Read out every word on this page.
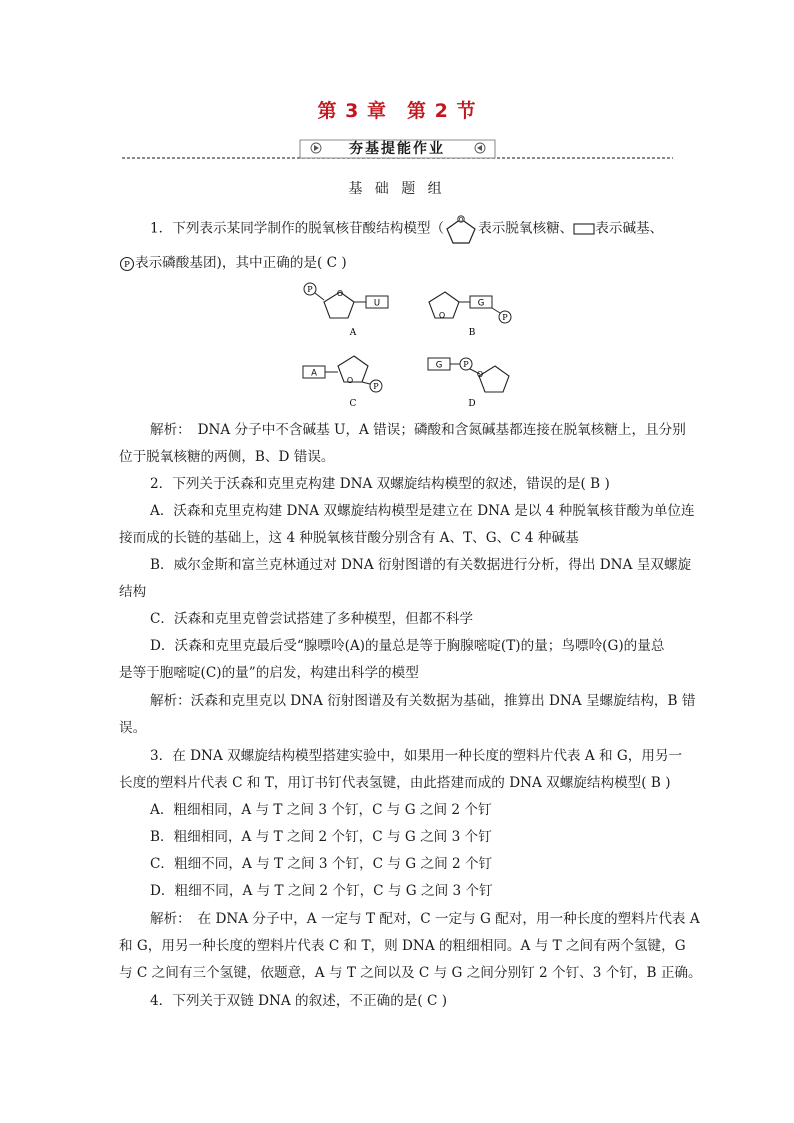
第 3 章　第 2 节
夯基提能作业
基 础 题 组
1．下列表示某同学制作的脱氧核苷酸结构模型（
O
表示脱氧核糖、 表示碱基、
P 表示磷酸基团)，其中正确的是( C )
P	O
U
A
O
G
P
B
A
O
P
C
G	P
O
D
解析：　DNA 分子中不含碱基 U，A 错误；磷酸和含氮碱基都连接在脱氧核糖上，且分别
位于脱氧核糖的两侧，B、D 错误。
2．下列关于沃森和克里克构建 DNA 双螺旋结构模型的叙述，错误的是( B )
A．沃森和克里克构建 DNA 双螺旋结构模型是建立在 DNA 是以 4 种脱氧核苷酸为单位连
接而成的长链的基础上，这 4 种脱氧核苷酸分别含有 A、T、G、C 4 种碱基
B．威尔金斯和富兰克林通过对 DNA 衍射图谱的有关数据进行分析，得出 DNA 呈双螺旋
结构
C．沃森和克里克曾尝试搭建了多种模型，但都不科学
D．沃森和克里克最后受“腺嘌呤(A)的量总是等于胸腺嘧啶(T)的量；鸟嘌呤(G)的量总
是等于胞嘧啶(C)的量”的启发，构建出科学的模型
解析：沃森和克里克以 DNA 衍射图谱及有关数据为基础，推算出 DNA 呈螺旋结构，B 错
误。
3．在 DNA 双螺旋结构模型搭建实验中，如果用一种长度的塑料片代表 A 和 G，用另一
长度的塑料片代表 C 和 T，用订书钉代表氢键，由此搭建而成的 DNA 双螺旋结构模型( B )
A．粗细相同，A 与 T 之间 3 个钉，C 与 G 之间 2 个钉
B．粗细相同，A 与 T 之间 2 个钉，C 与 G 之间 3 个钉
C．粗细不同，A 与 T 之间 3 个钉，C 与 G 之间 2 个钉
D．粗细不同，A 与 T 之间 2 个钉，C 与 G 之间 3 个钉
解析：　在 DNA 分子中，A 一定与 T 配对，C 一定与 G 配对，用一种长度的塑料片代表 A
和 G，用另一种长度的塑料片代表 C 和 T，则 DNA 的粗细相同。A 与 T 之间有两个氢键，G
与 C 之间有三个氢键，依题意，A 与 T 之间以及 C 与 G 之间分别钉 2 个钉、3 个钉，B 正确。
4．下列关于双链 DNA 的叙述，不正确的是( C )
